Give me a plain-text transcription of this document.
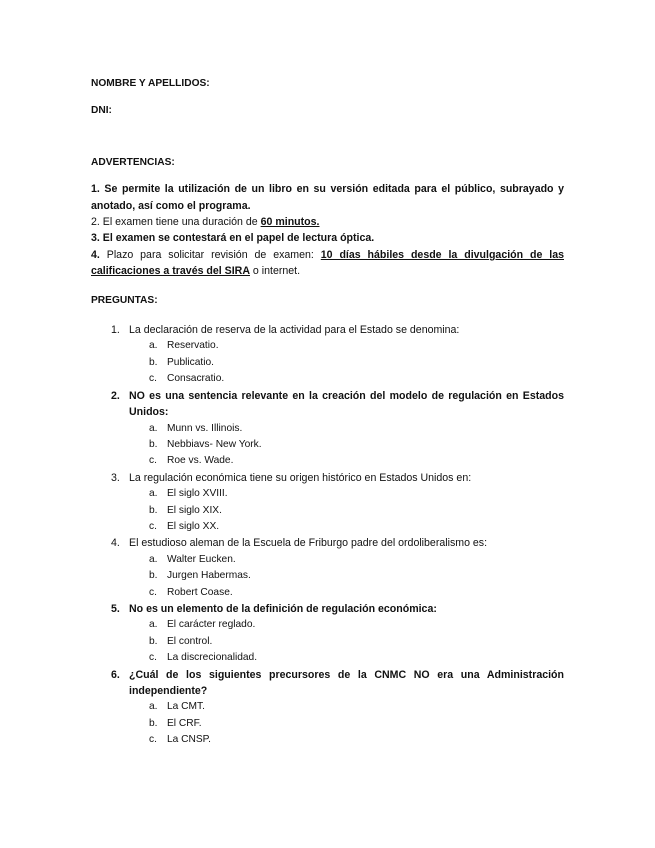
NOMBRE Y APELLIDOS:

DNI:

ADVERTENCIAS:

1. Se permite la utilización de un libro en su versión editada para el público, subrayado y anotado, así como el programa.

2. El examen tiene una duración de 60 minutos.

3. El examen se contestará en el papel de lectura óptica.

4. Plazo para solicitar revisión de examen: 10 días hábiles desde la divulgación de las calificaciones a través del SIRA o internet.

PREGUNTAS:

1. La declaración de reserva de la actividad para el Estado se denomina:

a. Reservatio.
b. Publicatio.
c. Consacratio.
2. NO es una sentencia relevante en la creación del modelo de regulación en Estados Unidos:

a. Munn vs. Illinois.
b. Nebbiavs- New York.
c. Roe vs. Wade.
3. La regulación económica tiene su origen histórico en Estados Unidos en:

a. El siglo XVIII.
b. El siglo XIX.
c. El siglo XX.
4. El estudioso aleman de la Escuela de Friburgo padre del ordoliberalismo es:

a. Walter Eucken.
b. Jurgen Habermas.
c. Robert Coase.
5. No es un elemento de la definición de regulación económica:

a. El carácter reglado.
b. El control.
c. La discrecionalidad.
6. ¿Cuál de los siguientes precursores de la CNMC NO era una Administración independiente?

a. La CMT.
b. El CRF.
c. La CNSP.
